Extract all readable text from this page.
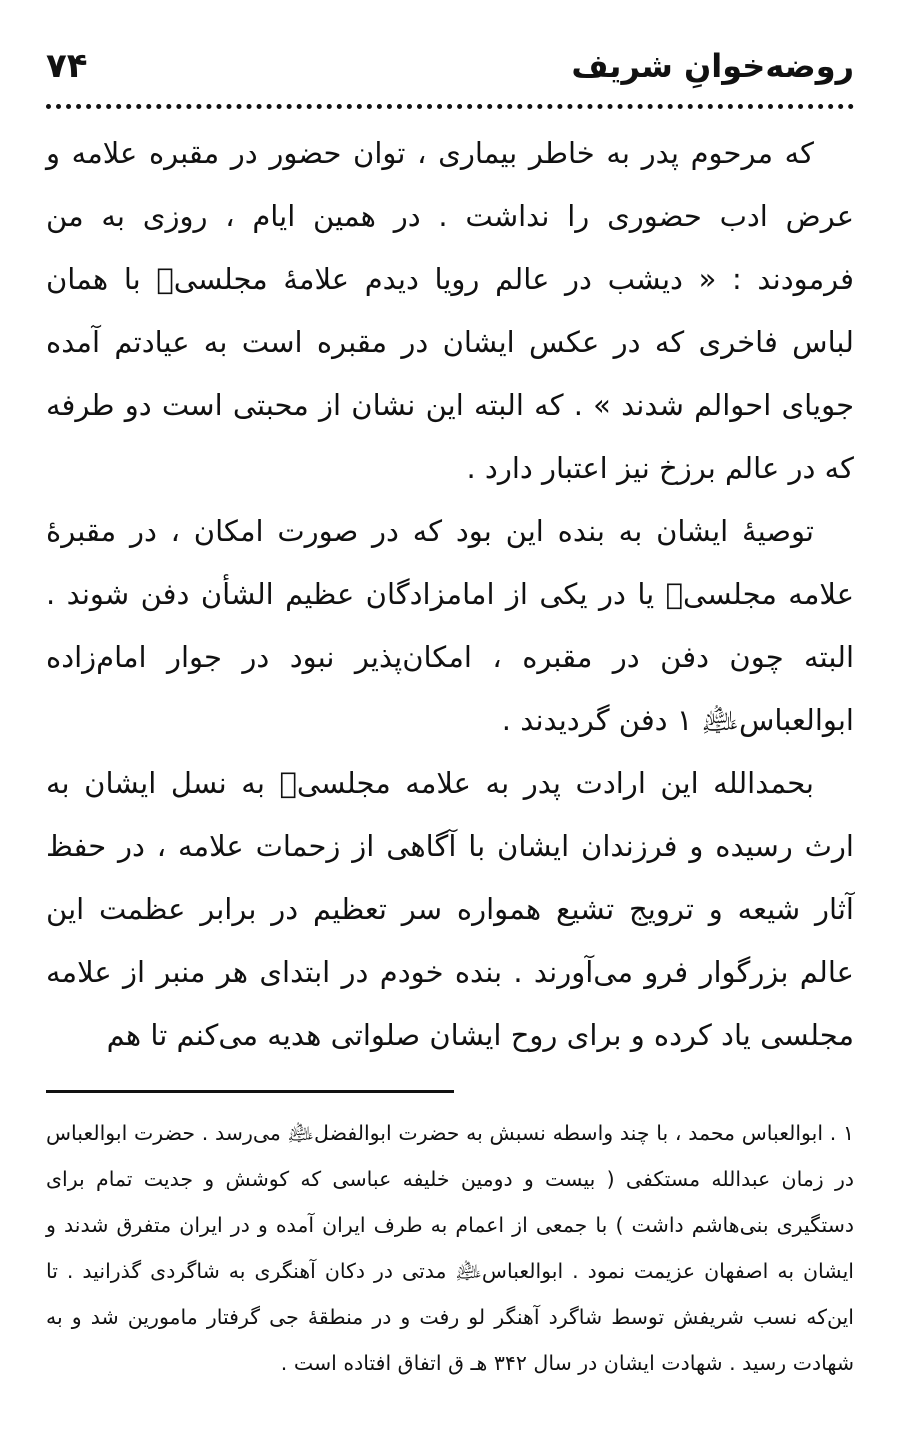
روضه‌خوانِ شریف
۷۴

که مرحوم پدر به خاطر بیماری ، توان حضور در مقبره علامه و عرض ادب حضوری را نداشت . در همین ایام ، روزی به من فرمودند : « دیشب در عالم رویا دیدم علامهٔ مجلسی﷫ با همان لباس فاخری که در عکس ایشان در مقبره است به عیادتم آمده جویای احوالم شدند » . که البته این نشان از محبتی است دو طرفه که در عالم برزخ نیز اعتبار دارد .

توصیهٔ ایشان به بنده این بود که در صورت امکان ، در مقبرهٔ علامه مجلسی﷫ یا در یکی از امامزادگان عظیم الشأن دفن شوند . البته چون دفن در مقبره ، امکان‌پذیر نبود در جوار امام‌زاده ابوالعباس﵇ ۱ دفن گردیدند .

بحمدالله این ارادت پدر به علامه مجلسی﷫ به نسل ایشان به ارث رسیده و فرزندان ایشان با آگاهی از زحمات علامه ، در حفظ آثار شیعه و ترویج تشیع همواره سر تعظیم در برابر عظمت این عالم بزرگوار فرو می‌آورند . بنده خودم در ابتدای هر منبر از علامه مجلسی یاد کرده و برای روح ایشان صلواتی هدیه می‌کنم تا هم

۱ . ابوالعباس محمد ، با چند واسطه نسبش به حضرت ابوالفضل﵇ می‌رسد . حضرت ابوالعباس در زمان عبدالله مستکفی ( بیست و دومین خلیفه عباسی که کوشش و جدیت تمام برای دستگیری بنی‌هاشم داشت ) با جمعی از اعمام به طرف ایران آمده و در ایران متفرق شدند و ایشان به اصفهان عزیمت نمود . ابوالعباس﵇ مدتی در دکان آهنگری به شاگردی گذرانید . تا این‌که نسب شریفش توسط شاگرد آهنگر لو رفت و در منطقهٔ جی گرفتار مامورین شد و به شهادت رسید . شهادت ایشان در سال ۳۴۲ هـ ق اتفاق افتاده است .
